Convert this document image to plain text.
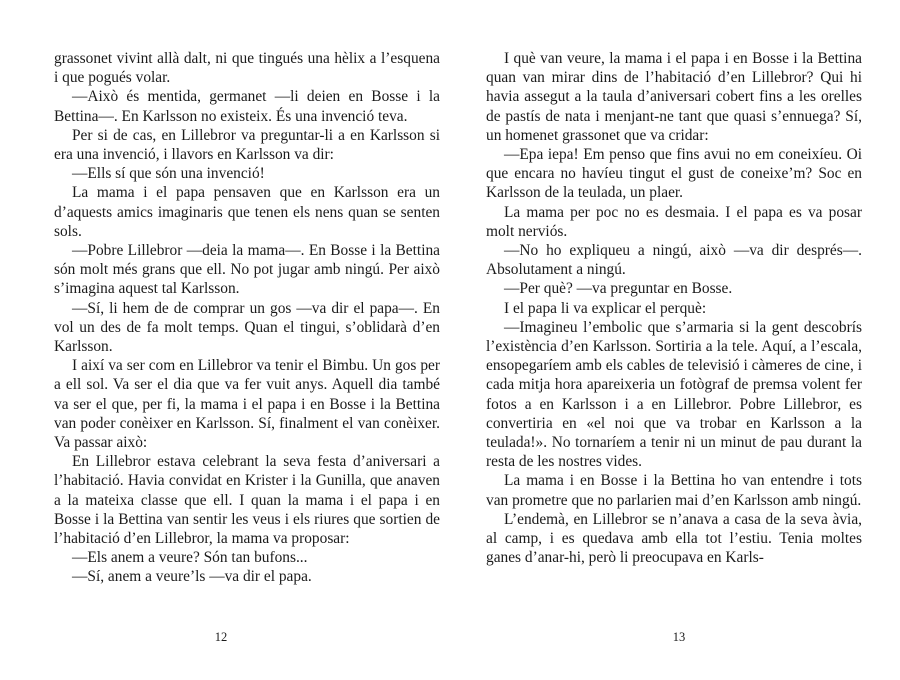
grassonet vivint allà dalt, ni que tingués una hèlix a l’esquena i que pogués volar.

—Això és mentida, germanet —li deien en Bosse i la Bettina—. En Karlsson no existeix. És una invenció teva.

Per si de cas, en Lillebror va preguntar-li a en Karlsson si era una invenció, i llavors en Karlsson va dir:

—Ells sí que són una invenció!

La mama i el papa pensaven que en Karlsson era un d’aquests amics imaginaris que tenen els nens quan se senten sols.

—Pobre Lillebror —deia la mama—. En Bosse i la Bettina són molt més grans que ell. No pot jugar amb ningú. Per això s’imagina aquest tal Karlsson.

—Sí, li hem de de comprar un gos —va dir el papa—. En vol un des de fa molt temps. Quan el tingui, s’oblidarà d’en Karlsson.

I així va ser com en Lillebror va tenir el Bimbu. Un gos per a ell sol. Va ser el dia que va fer vuit anys. Aquell dia també va ser el que, per fi, la mama i el papa i en Bosse i la Bettina van poder conèixer en Karlsson. Sí, finalment el van conèixer. Va passar això:

En Lillebror estava celebrant la seva festa d’aniversari a l’habitació. Havia convidat en Krister i la Gunilla, que anaven a la mateixa classe que ell. I quan la mama i el papa i en Bosse i la Bettina van sentir les veus i els riures que sortien de l’habitació d’en Lillebror, la mama va proposar:

—Els anem a veure? Són tan bufons...

—Sí, anem a veure’ls —va dir el papa.

12

I què van veure, la mama i el papa i en Bosse i la Bettina quan van mirar dins de l’habitació d’en Lillebror? Qui hi havia assegut a la taula d’aniversari cobert fins a les orelles de pastís de nata i menjant-ne tant que quasi s’ennuega? Sí, un homenet grassonet que va cridar:

—Epa iepa! Em penso que fins avui no em coneixíeu. Oi que encara no havíeu tingut el gust de coneixe’m? Soc en Karlsson de la teulada, un plaer.

La mama per poc no es desmaia. I el papa es va posar molt nerviós.

—No ho expliqueu a ningú, això —va dir després—. Absolutament a ningú.

—Per què? —va preguntar en Bosse.

I el papa li va explicar el perquè:

—Imagineu l’embolic que s’armaria si la gent descobrís l’existència d’en Karlsson. Sortiria a la tele. Aquí, a l’escala, ensopegaríem amb els cables de televisió i càmeres de cine, i cada mitja hora apareixeria un fotògraf de premsa volent fer fotos a en Karlsson i a en Lillebror. Pobre Lillebror, es convertiria en «el noi que va trobar en Karlsson a la teulada!». No tornaríem a tenir ni un minut de pau durant la resta de les nostres vides.

La mama i en Bosse i la Bettina ho van entendre i tots van prometre que no parlarien mai d’en Karlsson amb ningú.

L’endemà, en Lillebror se n’anava a casa de la seva àvia, al camp, i es quedava amb ella tot l’estiu. Tenia moltes ganes d’anar-hi, però li preocupava en Karls-

13
